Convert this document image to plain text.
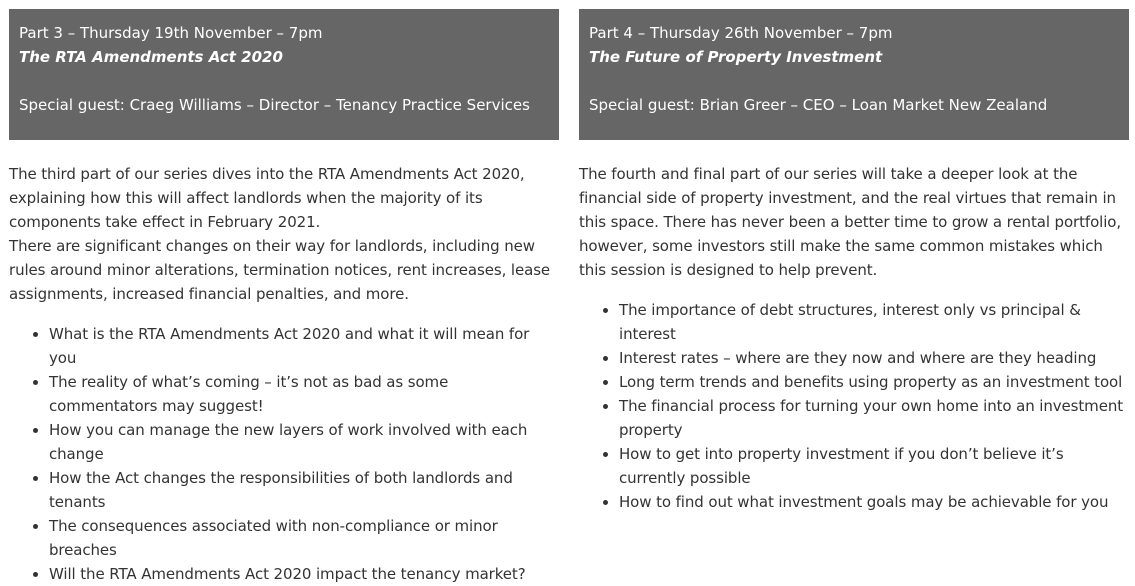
Part 3 – Thursday 19th November – 7pm

The RTA Amendments Act 2020
Special guest: Craeg Williams – Director – Tenancy Practice Services

The third part of our series dives into the RTA Amendments Act 2020, explaining how this will affect landlords when the majority of its components take effect in February 2021.

There are significant changes on their way for landlords, including new rules around minor alterations, termination notices, rent increases, lease assignments, increased financial penalties, and more.

• What is the RTA Amendments Act 2020 and what it will mean for you
• The reality of what’s coming – it’s not as bad as some commentators may suggest!
• How you can manage the new layers of work involved with each change
• How the Act changes the responsibilities of both landlords and tenants
• The consequences associated with non-compliance or minor breaches
• Will the RTA Amendments Act 2020 impact the tenancy market?
Part 4 – Thursday 26th November – 7pm

The Future of Property Investment
Special guest: Brian Greer – CEO – Loan Market New Zealand

The fourth and final part of our series will take a deeper look at the financial side of property investment, and the real virtues that remain in this space. There has never been a better time to grow a rental portfolio, however, some investors still make the same common mistakes which this session is designed to help prevent.

• The importance of debt structures, interest only vs principal & interest
• Interest rates – where are they now and where are they heading
• Long term trends and benefits using property as an investment tool
• The financial process for turning your own home into an investment property
• How to get into property investment if you don’t believe it’s currently possible
• How to find out what investment goals may be achievable for you
